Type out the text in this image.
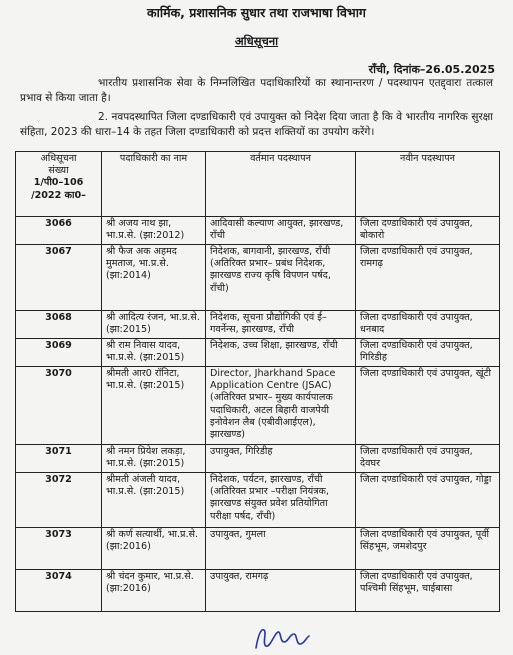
कार्मिक, प्रशासनिक सुधार तथा राजभाषा विभाग
अधिसूचना
राँची, दिनांक–26.05.2025
भारतीय प्रशासनिक सेवा के निम्नलिखित पदाधिकारियों का स्थानान्तरण / पदस्थापन एतद्द्वारा तत्काल प्रभाव से किया जाता है।
2. नवपदस्थापित जिला दण्डाधिकारी एवं उपायुक्त को निदेश दिया जाता है कि वे भारतीय नागरिक सुरक्षा संहिता, 2023 की धारा–14 के तहत जिला दण्डाधिकारी को प्रदत्त शक्तियों का उपयोग करेंगे।
अधिसूचना
संख्या
1/पी0–106
/2022 का0–	पदाधिकारी का नाम	वर्तमान पदस्थापन	नवीन पदस्थापन
3066	श्री अजय नाथ झा, भा.प्र.से. (झा:2012)	आदिवासी कल्याण आयुक्त, झारखण्ड, राँची	जिला दण्डाधिकारी एवं उपायुक्त, बोकारो
3067	श्री फैज अक अहमद मुमताज, भा.प्र.से. (झा:2014)	निदेशक, बागवानी, झारखण्ड, राँची (अतिरिक्त प्रभार– प्रबंध निदेशक, झारखण्ड राज्य कृषि विपणन पर्षद, राँची)	जिला दण्डाधिकारी एवं उपायुक्त, रामगढ़
3068	श्री आदित्य रंजन, भा.प्र.से. (झा:2015)	निदेशक, सूचना प्रौद्योगिकी एवं ई–गवर्नेन्स, झारखण्ड, राँची	जिला दण्डाधिकारी एवं उपायुक्त, धनबाद
3069	श्री राम निवास यादव, भा.प्र.से. (झा:2015)	निदेशक, उच्च शिक्षा, झारखण्ड, राँची	जिला दण्डाधिकारी एवं उपायुक्त, गिरिडीह
3070	श्रीमती आर0 रॉनिटा, भा.प्र.से. (झा:2015)	Director, Jharkhand Space Application Centre (JSAC) (अतिरिक्त प्रभार– मुख्य कार्यपालक पदाधिकारी, अटल बिहारी वाजपेयी इनोवेशन लैब (एबीवीआईएल), झारखण्ड)	जिला दण्डाधिकारी एवं उपायुक्त, खूंटी
3071	श्री नमन प्रियेश लकड़ा, भा.प्र.से. (झा:2015)	उपायुक्त, गिरिडीह	जिला दण्डाधिकारी एवं उपायुक्त, देवघर
3072	श्रीमती अंजली यादव, भा.प्र.से. (झा:2015)	निदेशक, पर्यटन, झारखण्ड, राँची (अतिरिक्त प्रभार –परीक्षा नियंत्रक, झारखण्ड संयुक्त प्रवेश प्रतियोगिता परीक्षा पर्षद, राँची)	जिला दण्डाधिकारी एवं उपायुक्त, गोड्डा
3073	श्री कर्ण सत्यार्थी, भा.प्र.से. (झा:2016)	उपायुक्त, गुमला	जिला दण्डाधिकारी एवं उपायुक्त, पूर्वी सिंहभूम, जमशेदपुर
3074	श्री चंदन कुमार, भा.प्र.से. (झा:2016)	उपायुक्त, रामगढ़	जिला दण्डाधिकारी एवं उपायुक्त, पश्चिमी सिंहभूम, चाईबासा
